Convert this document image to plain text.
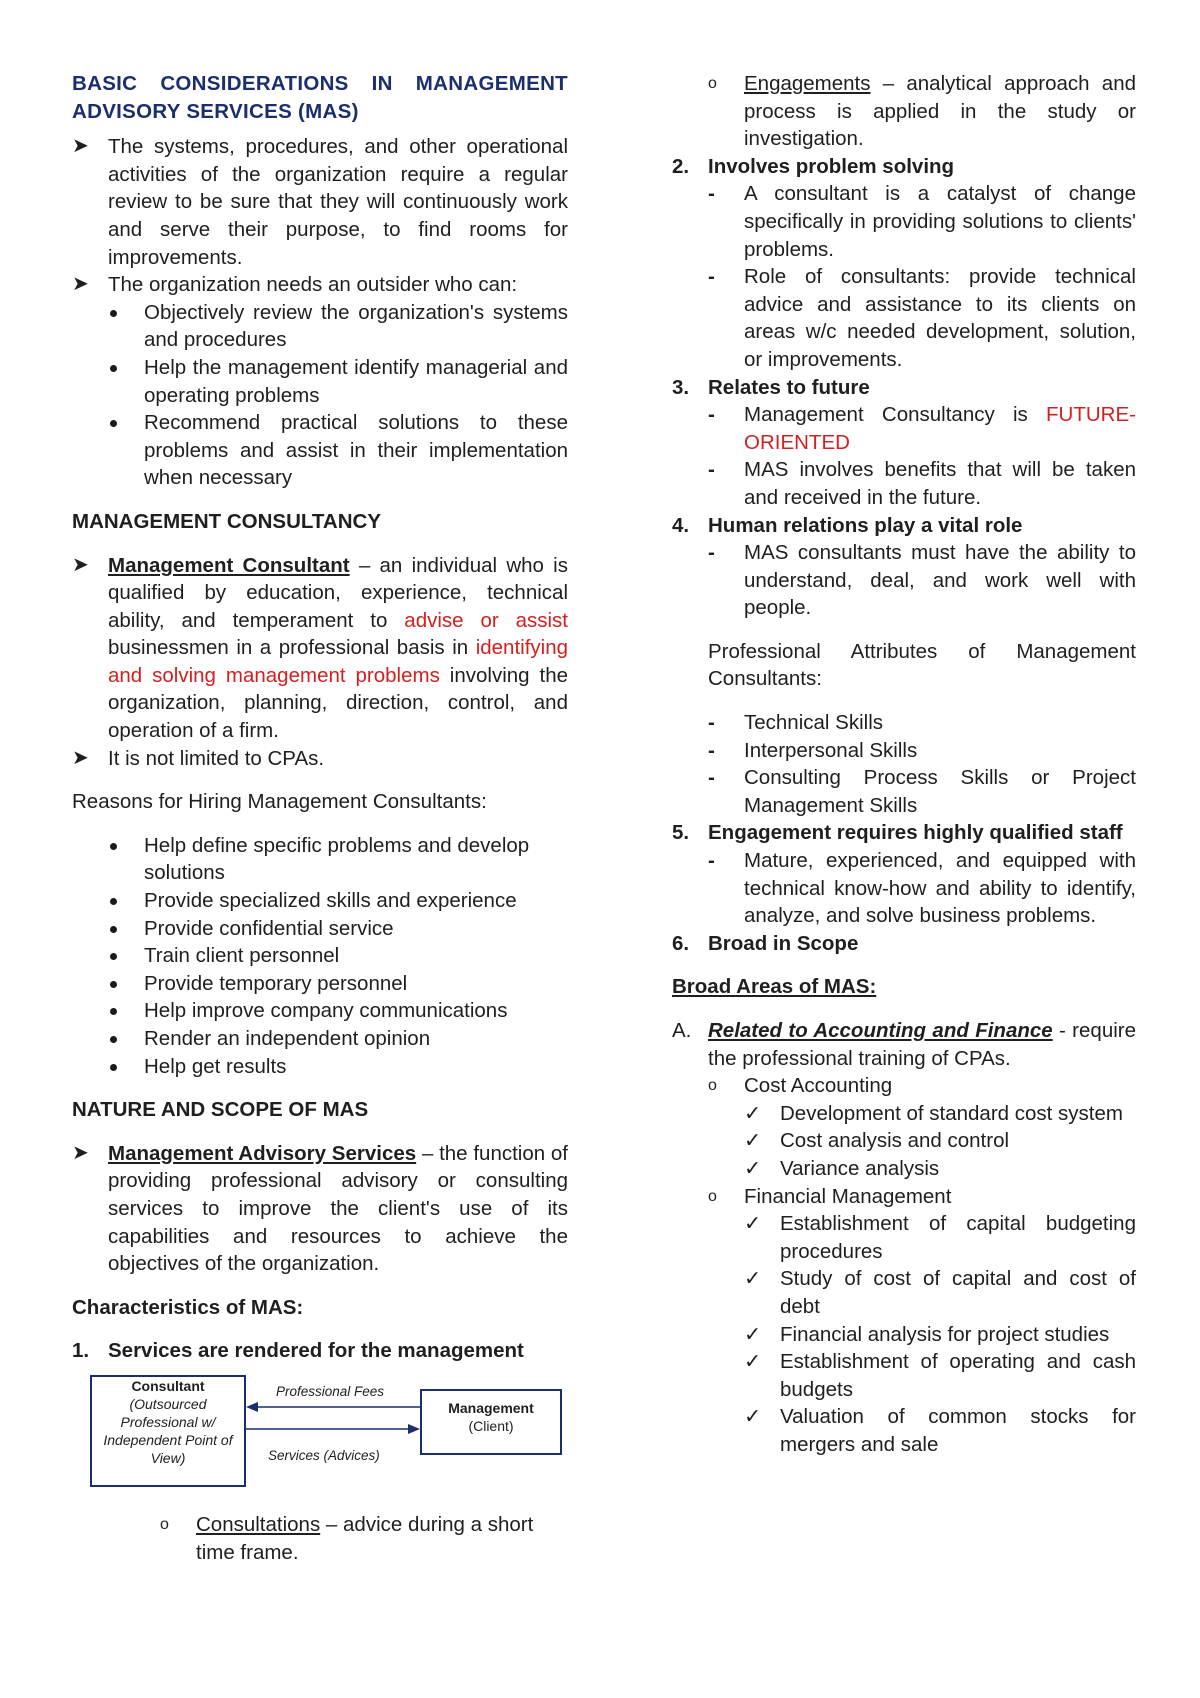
BASIC CONSIDERATIONS IN MANAGEMENT ADVISORY SERVICES (MAS)
➤ The systems, procedures, and other operational activities of the organization require a regular review to be sure that they will continuously work and serve their purpose, to find rooms for improvements.
➤ The organization needs an outsider who can:
Objectively review the organization's systems and procedures
Help the management identify managerial and operating problems
Recommend practical solutions to these problems and assist in their implementation when necessary
MANAGEMENT CONSULTANCY
➤ Management Consultant – an individual who is qualified by education, experience, technical ability, and temperament to advise or assist businessmen in a professional basis in identifying and solving management problems involving the organization, planning, direction, control, and operation of a firm.
➤ It is not limited to CPAs.
Reasons for Hiring Management Consultants:
Help define specific problems and develop solutions
Provide specialized skills and experience
Provide confidential service
Train client personnel
Provide temporary personnel
Help improve company communications
Render an independent opinion
Help get results
NATURE AND SCOPE OF MAS
➤ Management Advisory Services – the function of providing professional advisory or consulting services to improve the client's use of its capabilities and resources to achieve the objectives of the organization.
Characteristics of MAS:
1. Services are rendered for the management
Consultant
(Outsourced Professional w/ Independent Point of View)
Management
(Client)
Professional Fees
Services (Advices)
o Consultations – advice during a short time frame.
o Engagements – analytical approach and process is applied in the study or investigation.
2. Involves problem solving
- A consultant is a catalyst of change specifically in providing solutions to clients' problems.
- Role of consultants: provide technical advice and assistance to its clients on areas w/c needed development, solution, or improvements.
3. Relates to future
- Management Consultancy is FUTURE-ORIENTED
- MAS involves benefits that will be taken and received in the future.
4. Human relations play a vital role
- MAS consultants must have the ability to understand, deal, and work well with people.
Professional Attributes of Management Consultants:
- Technical Skills
- Interpersonal Skills
- Consulting Process Skills or Project Management Skills
5. Engagement requires highly qualified staff
- Mature, experienced, and equipped with technical know-how and ability to identify, analyze, and solve business problems.
6. Broad in Scope
Broad Areas of MAS:
A. Related to Accounting and Finance - require the professional training of CPAs.
o Cost Accounting
✓ Development of standard cost system
✓ Cost analysis and control
✓ Variance analysis
o Financial Management
✓ Establishment of capital budgeting procedures
✓ Study of cost of capital and cost of debt
✓ Financial analysis for project studies
✓ Establishment of operating and cash budgets
✓ Valuation of common stocks for mergers and sale
